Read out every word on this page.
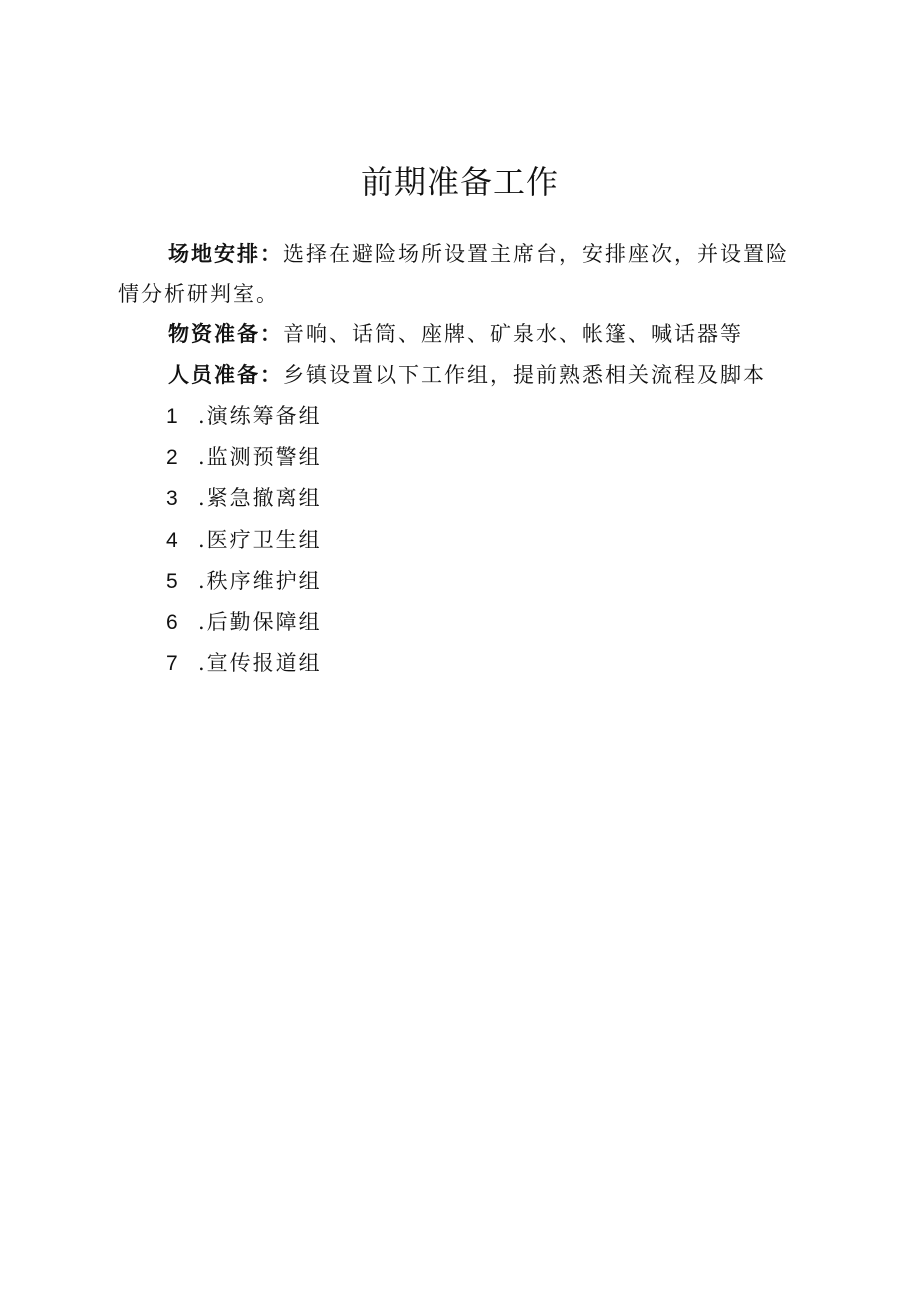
前期准备工作

场地安排：选择在避险场所设置主席台，安排座次，并设置险情分析研判室。

物资准备：音响、话筒、座牌、矿泉水、帐篷、喊话器等

人员准备：乡镇设置以下工作组，提前熟悉相关流程及脚本

1 .演练筹备组
2 .监测预警组
3 .紧急撤离组
4 .医疗卫生组
5 .秩序维护组
6 .后勤保障组
7 .宣传报道组
